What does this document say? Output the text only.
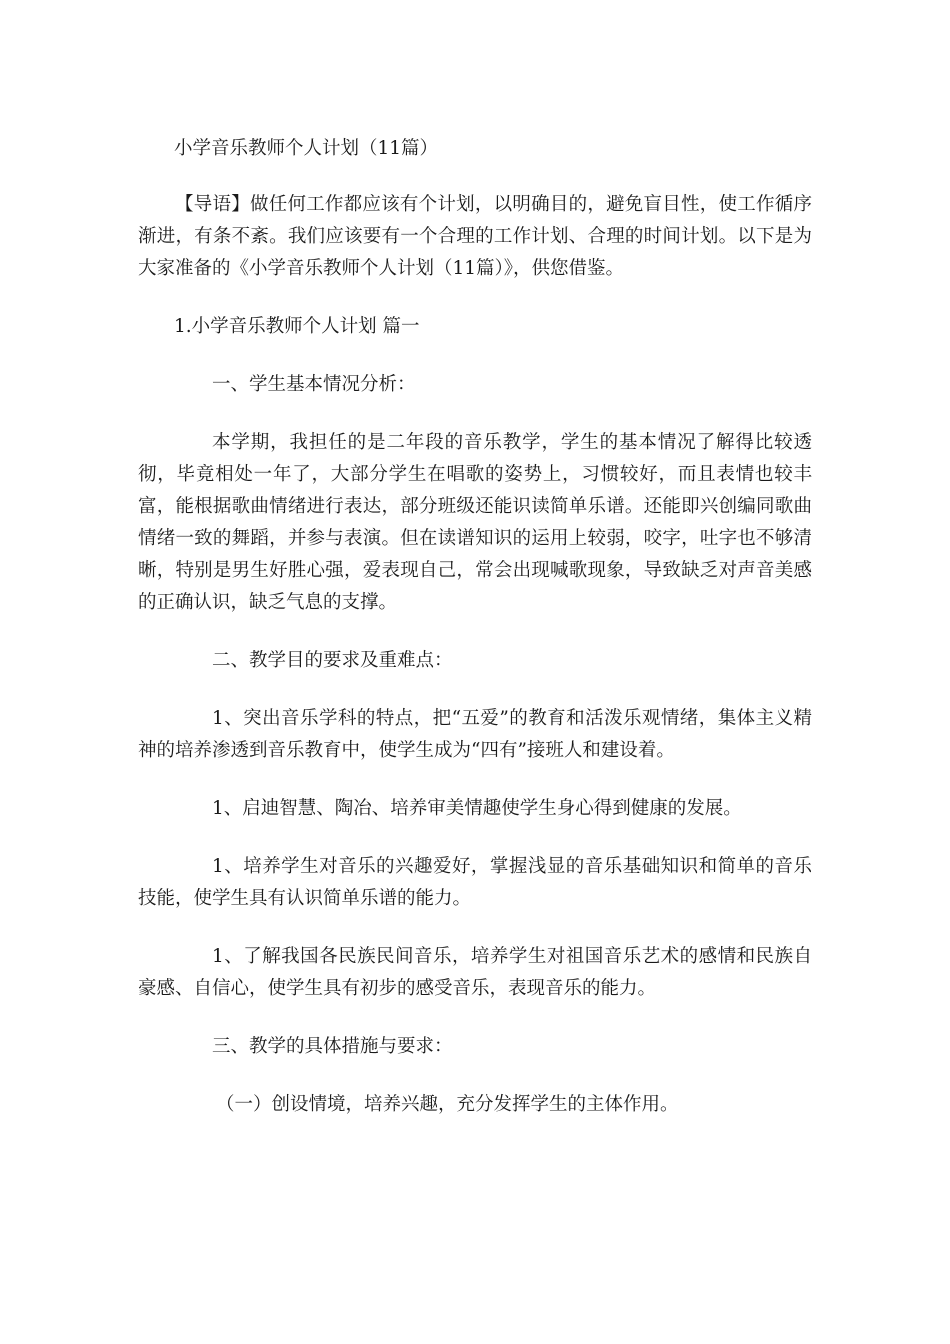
小学音乐教师个人计划（11篇）

【导语】做任何工作都应该有个计划，以明确目的，避免盲目性，使工作循序渐进，有条不紊。我们应该要有一个合理的工作计划、合理的时间计划。以下是为大家准备的《小学音乐教师个人计划（11篇）》，供您借鉴。

1.小学音乐教师个人计划 篇一

一、学生基本情况分析：

本学期，我担任的是二年段的音乐教学，学生的基本情况了解得比较透彻，毕竟相处一年了，大部分学生在唱歌的姿势上，习惯较好，而且表情也较丰富，能根据歌曲情绪进行表达，部分班级还能识读简单乐谱。还能即兴创编同歌曲情绪一致的舞蹈，并参与表演。但在读谱知识的运用上较弱，咬字，吐字也不够清晰，特别是男生好胜心强，爱表现自己，常会出现喊歌现象，导致缺乏对声音美感的正确认识，缺乏气息的支撑。

二、教学目的要求及重难点：

1、突出音乐学科的特点，把“五爱”的教育和活泼乐观情绪，集体主义精神的培养渗透到音乐教育中，使学生成为“四有”接班人和建设着。

1、启迪智慧、陶冶、培养审美情趣使学生身心得到健康的发展。

1、培养学生对音乐的兴趣爱好，掌握浅显的音乐基础知识和简单的音乐技能，使学生具有认识简单乐谱的能力。

1、了解我国各民族民间音乐，培养学生对祖国音乐艺术的感情和民族自豪感、自信心，使学生具有初步的感受音乐，表现音乐的能力。

三、教学的具体措施与要求：

（一）创设情境，培养兴趣，充分发挥学生的主体作用。
